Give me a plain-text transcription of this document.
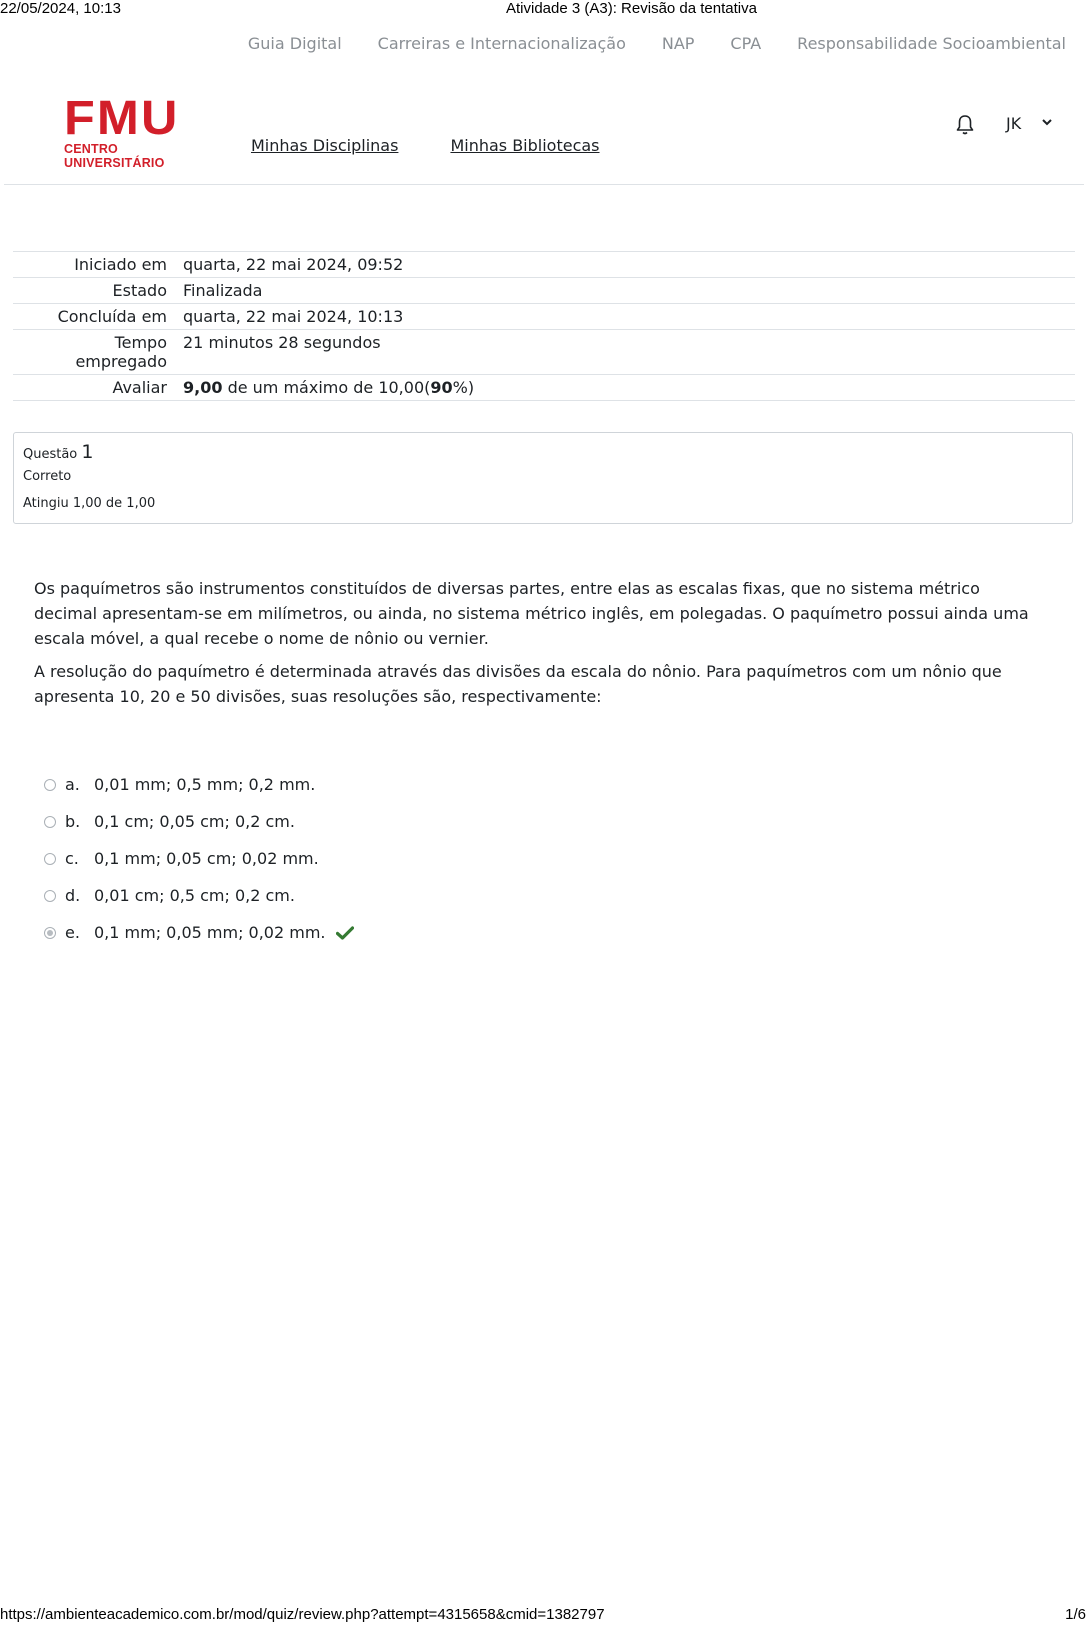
22/05/2024, 10:13	Atividade 3 (A3): Revisão da tentativa
Guia Digital Carreiras e Internacionalização NAP CPA Responsabilidade Socioambiental
FMU
CENTRO UNIVERSITÁRIO
Minhas Disciplinas	Minhas Bibliotecas
JK
Iniciado em	quarta, 22 mai 2024, 09:52
Estado	Finalizada
Concluída em	quarta, 22 mai 2024, 10:13
Tempo
empregado	21 minutos 28 segundos
Avaliar	9,00 de um máximo de 10,00(90%)
Questão 1
Correto
Atingiu 1,00 de 1,00

Os paquímetros são instrumentos constituídos de diversas partes, entre elas as escalas fixas, que no sistema métrico decimal apresentam-se em milímetros, ou ainda, no sistema métrico inglês, em polegadas. O paquímetro possui ainda uma escala móvel, a qual recebe o nome de nônio ou vernier.

A resolução do paquímetro é determinada através das divisões da escala do nônio. Para paquímetros com um nônio que apresenta 10, 20 e 50 divisões, suas resoluções são, respectivamente:

a. 0,01 mm; 0,5 mm; 0,2 mm.
b. 0,1 cm; 0,05 cm; 0,2 cm.
c. 0,1 mm; 0,05 cm; 0,02 mm.
d. 0,01 cm; 0,5 cm; 0,2 cm.
e. 0,1 mm; 0,05 mm; 0,02 mm.
https://ambienteacademico.com.br/mod/quiz/review.php?attempt=4315658&cmid=1382797	1/6
